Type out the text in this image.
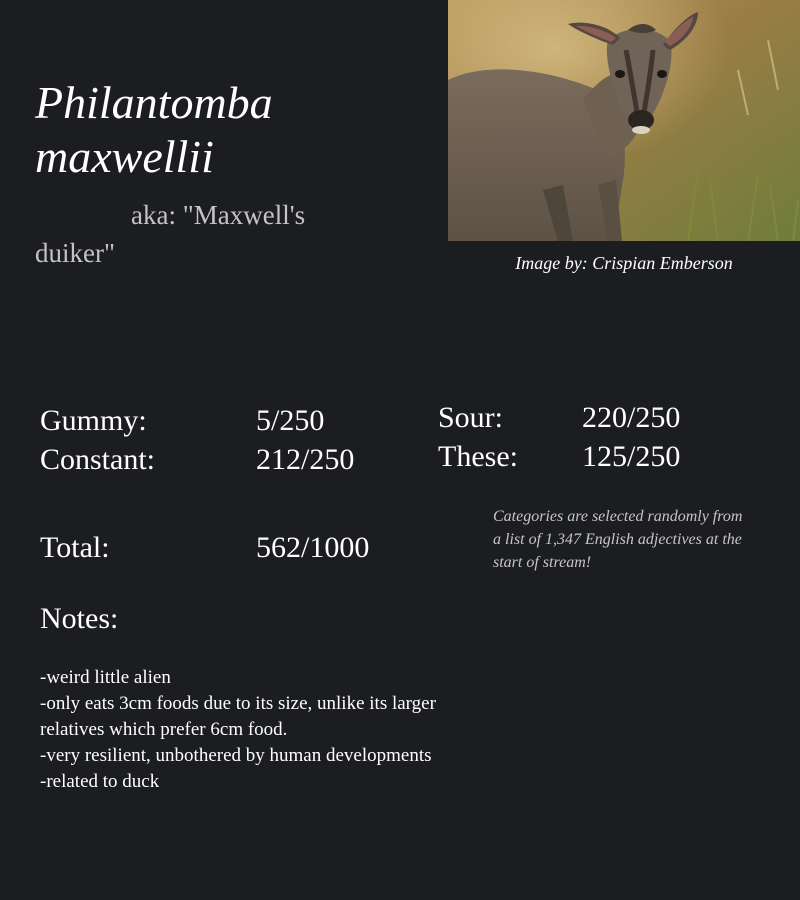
Philantomba maxwellii
aka: "Maxwell's duiker"	Image by: Crispian Emberson
Gummy:	5/250
Constant:	212/250
Sour:	220/250
These: 125/250
Total:	562/1000
Categories are selected randomly from a list of 1,347 English adjectives at the start of stream!
Notes:
-weird little alien
-only eats 3cm foods due to its size, unlike its larger relatives which prefer 6cm food.
-very resilient, unbothered by human developments
-related to duck
